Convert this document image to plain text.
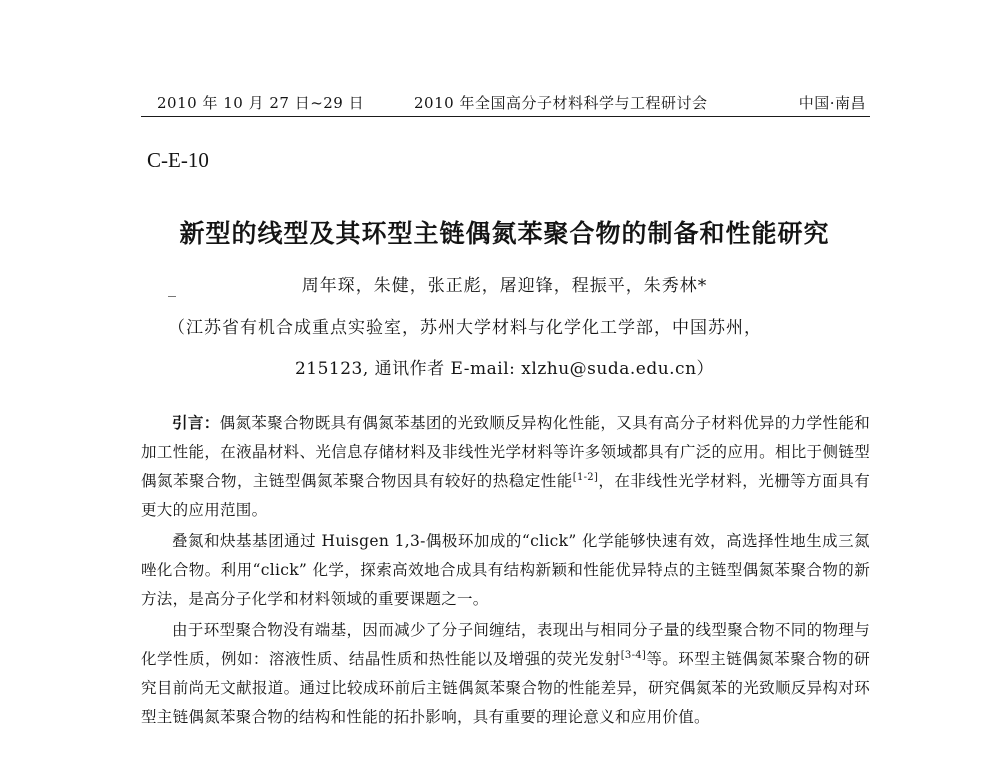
2010 年 10 月 27 日~29 日	2010 年全国高分子材料科学与工程研讨会	中国·南昌
C-E-10
新型的线型及其环型主链偶氮苯聚合物的制备和性能研究
周年琛，朱健，张正彪，屠迎锋，程振平，朱秀林*
（江苏省有机合成重点实验室，苏州大学材料与化学化工学部，中国苏州，
215123, 通讯作者 E-mail: xlzhu@suda.edu.cn）

引言：偶氮苯聚合物既具有偶氮苯基团的光致顺反异构化性能，又具有高分子材料优异的力学性能和加工性能，在液晶材料、光信息存储材料及非线性光学材料等许多领域都具有广泛的应用。相比于侧链型偶氮苯聚合物，主链型偶氮苯聚合物因具有较好的热稳定性能[1-2]，在非线性光学材料，光栅等方面具有更大的应用范围。

叠氮和炔基基团通过 Huisgen 1,3-偶极环加成的“click” 化学能够快速有效，高选择性地生成三氮唑化合物。利用“click” 化学，探索高效地合成具有结构新颖和性能优异特点的主链型偶氮苯聚合物的新方法，是高分子化学和材料领域的重要课题之一。

由于环型聚合物没有端基，因而减少了分子间缠结，表现出与相同分子量的线型聚合物不同的物理与化学性质，例如：溶液性质、结晶性质和热性能以及增强的荧光发射[3-4]等。环型主链偶氮苯聚合物的研究目前尚无文献报道。通过比较成环前后主链偶氮苯聚合物的性能差异，研究偶氮苯的光致顺反异构对环型主链偶氮苯聚合物的结构和性能的拓扑影响，具有重要的理论意义和应用价值。
